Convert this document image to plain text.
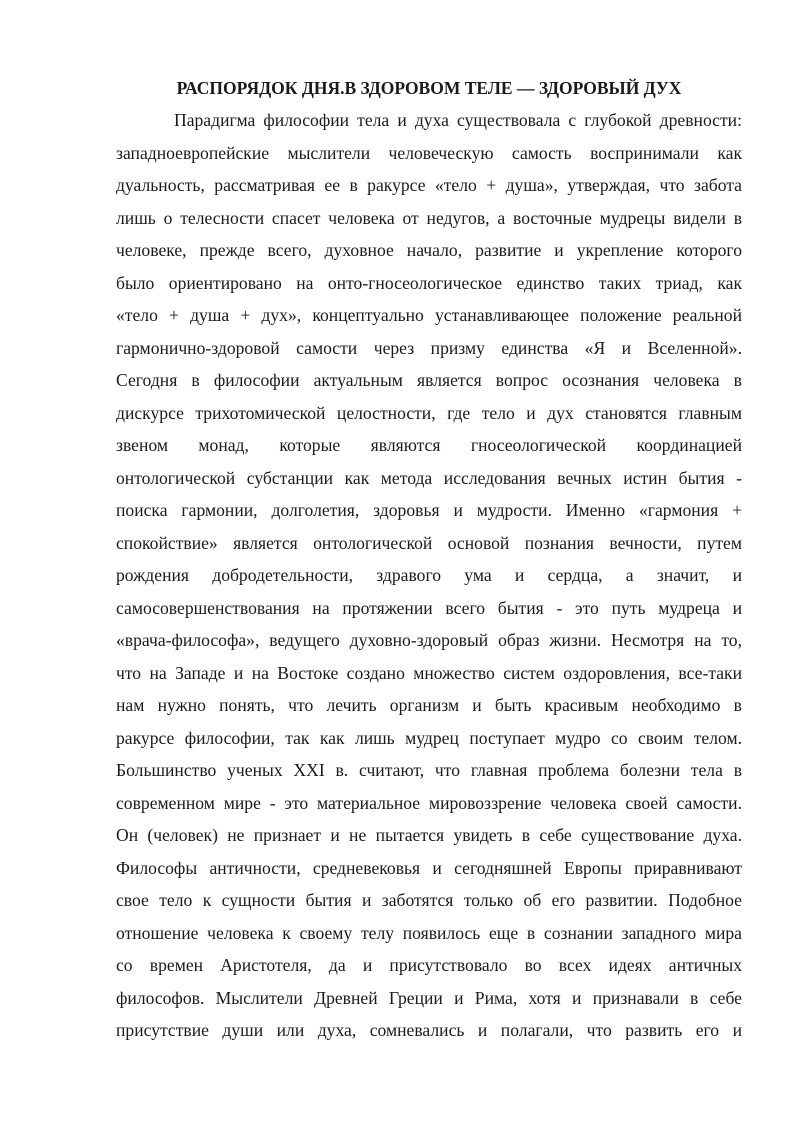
РАСПОРЯДОК ДНЯ.В ЗДОРОВОМ ТЕЛЕ — ЗДОРОВЫЙ ДУХ
Парадигма философии тела и духа существовала с глубокой древности:
западноевропейские мыслители человеческую самость воспринимали как
дуальность, рассматривая ее в ракурсе «тело + душа», утверждая, что забота
лишь о телесности спасет человека от недугов, а восточные мудрецы видели в
человеке, прежде всего, духовное начало, развитие и укрепление которого
было ориентировано на онто-гносеологическое единство таких триад, как
«тело + душа + дух», концептуально устанавливающее положение реальной
гармонично-здоровой самости через призму единства «Я и Вселенной».
Сегодня в философии актуальным является вопрос осознания человека в
дискурсе трихотомической целостности, где тело и дух становятся главным
звеном монад, которые являются гносеологической координацией
онтологической субстанции как метода исследования вечных истин бытия -
поиска гармонии, долголетия, здоровья и мудрости. Именно «гармония +
спокойствие» является онтологической основой познания вечности, путем
рождения добродетельности, здравого ума и сердца, а значит, и
самосовершенствования на протяжении всего бытия - это путь мудреца и
«врача-философа», ведущего духовно-здоровый образ жизни. Несмотря на то,
что на Западе и на Востоке создано множество систем оздоровления, все-таки
нам нужно понять, что лечить организм и быть красивым необходимо в
ракурсе философии, так как лишь мудрец поступает мудро со своим телом.
Большинство ученых XXI в. считают, что главная проблема болезни тела в
современном мире - это материальное мировоззрение человека своей самости.
Он (человек) не признает и не пытается увидеть в себе существование духа.
Философы античности, средневековья и сегодняшней Европы приравнивают
свое тело к сущности бытия и заботятся только об его развитии. Подобное
отношение человека к своему телу появилось еще в сознании западного мира
со времен Аристотеля, да и присутствовало во всех идеях античных
философов. Мыслители Древней Греции и Рима, хотя и признавали в себе
присутствие души или духа, сомневались и полагали, что развить его и
